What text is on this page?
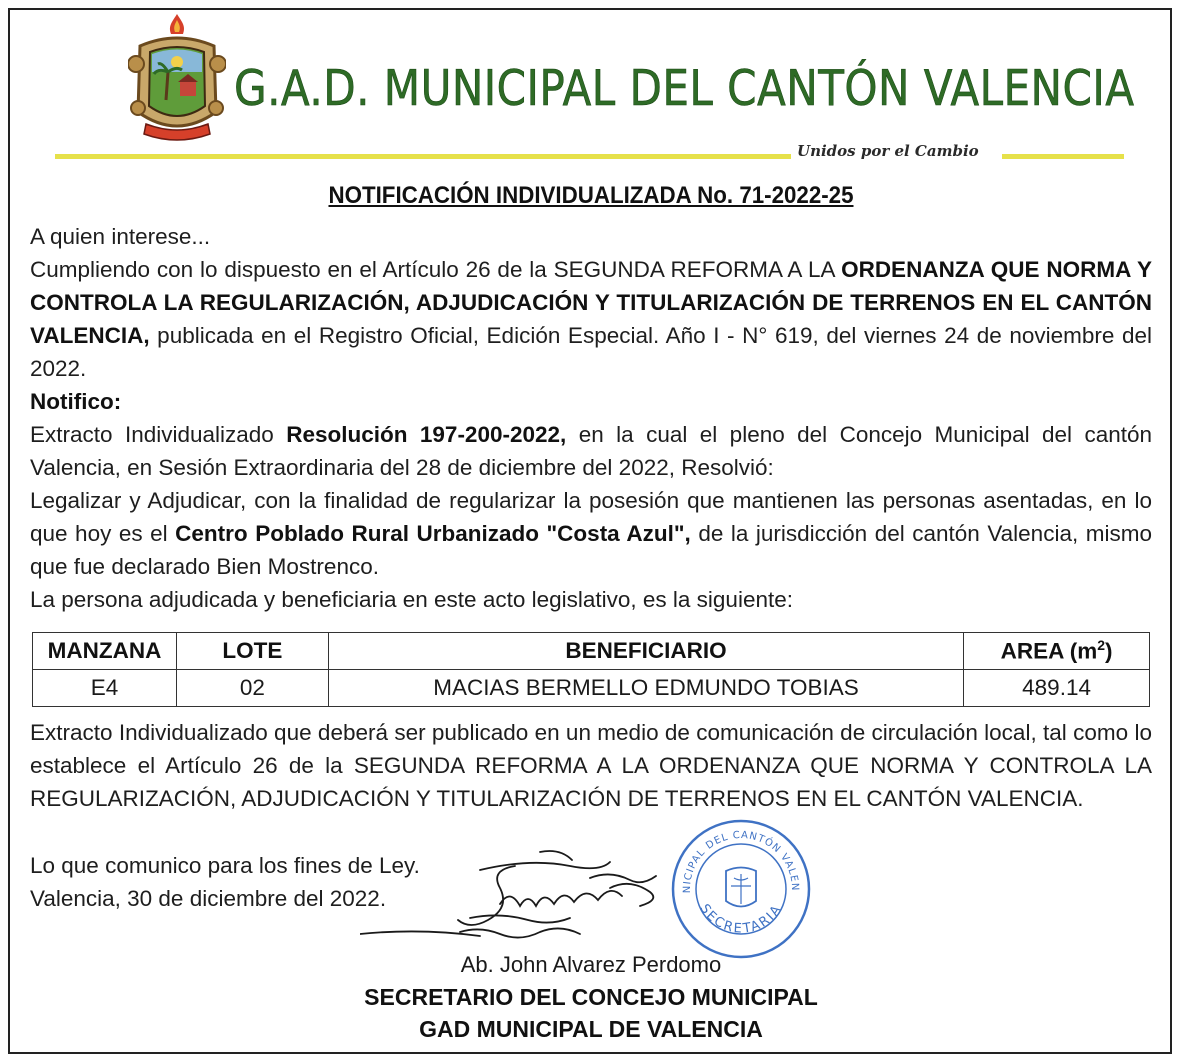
G.A.D. MUNICIPAL DEL CANTÓN VALENCIA
Unidos por el Cambio
NOTIFICACIÓN INDIVIDUALIZADA No. 71-2022-25
A quien interese...
Cumpliendo con lo dispuesto en el Artículo 26 de la SEGUNDA REFORMA A LA ORDENANZA QUE NORMA Y CONTROLA LA REGULARIZACIÓN, ADJUDICACIÓN Y TITULARIZACIÓN DE TERRENOS EN EL CANTÓN VALENCIA, publicada en el Registro Oficial, Edición Especial. Año I - N° 619, del viernes 24 de noviembre del 2022.
Notifico:
Extracto Individualizado Resolución 197-200-2022, en la cual el pleno del Concejo Municipal del cantón Valencia, en Sesión Extraordinaria del 28 de diciembre del 2022, Resolvió:
Legalizar y Adjudicar, con la finalidad de regularizar la posesión que mantienen las personas asentadas, en lo que hoy es el Centro Poblado Rural Urbanizado "Costa Azul", de la jurisdicción del cantón Valencia, mismo que fue declarado Bien Mostrenco.
La persona adjudicada y beneficiaria en este acto legislativo, es la siguiente:
MANZANA	LOTE	BENEFICIARIO	AREA $(m^2)$
E4	02	MACIAS BERMELLO EDMUNDO TOBIAS	489.14
Extracto Individualizado que deberá ser publicado en un medio de comunicación de circulación local, tal como lo establece el Artículo 26 de la SEGUNDA REFORMA A LA ORDENANZA QUE NORMA Y CONTROLA LA REGULARIZACIÓN, ADJUDICACIÓN Y TITULARIZACIÓN DE TERRENOS EN EL CANTÓN VALENCIA.
Lo que comunico para los fines de Ley.
Valencia, 30 de diciembre del 2022.	NICIPAL DEL CANTÓN VALEN
SECRETARIA
Ab. John Alvarez Perdomo
SECRETARIO DEL CONCEJO MUNICIPAL
GAD MUNICIPAL DE VALENCIA
